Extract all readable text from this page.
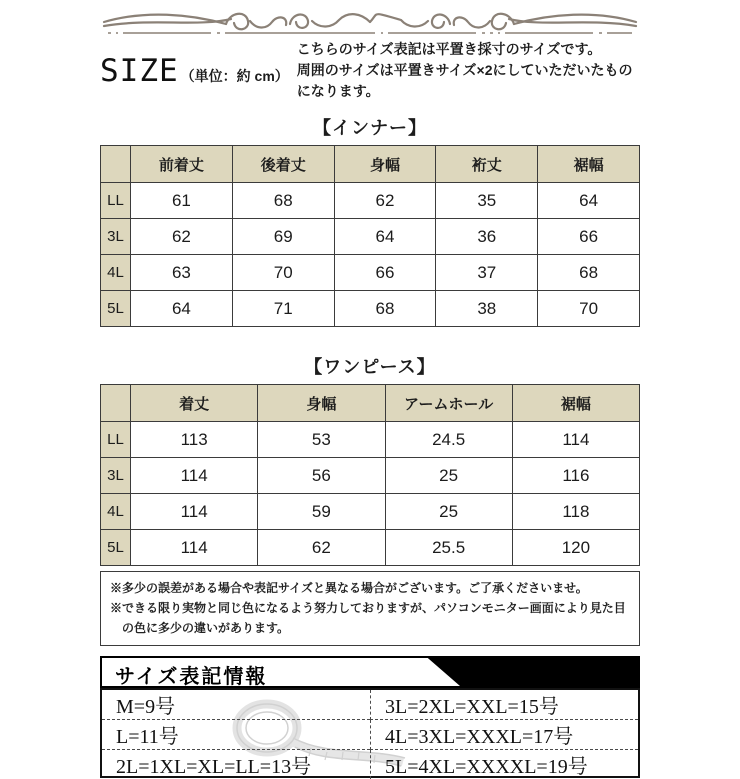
SIZE （単位：約 cm）
こちらのサイズ表記は平置き採寸のサイズです。
周囲のサイズは平置きサイズ×2にしていただいたものになります。
【インナー】
	前着丈	後着丈	身幅	裄丈	裾幅
LL	61	68	62	35	64
3L	62	69	64	36	66
4L	63	70	66	37	68
5L	64	71	68	38	70
【ワンピース】
	着丈	身幅	アームホール	裾幅
LL	113	53	24.5	114
3L	114	56	25	116
4L	114	59	25	118
5L	114	62	25.5	120
※多少の誤差がある場合や表記サイズと異なる場合がございます。ご了承くださいませ。
※できる限り実物と同じ色になるよう努力しておりますが、パソコンモニター画面により見た目の色に多少の違いがあります。
サイズ表記情報
M=9号	3L=2XL=XXL=15号
L=11号	4L=3XL=XXXL=17号
2L=1XL=XL=LL=13号	5L=4XL=XXXXL=19号
